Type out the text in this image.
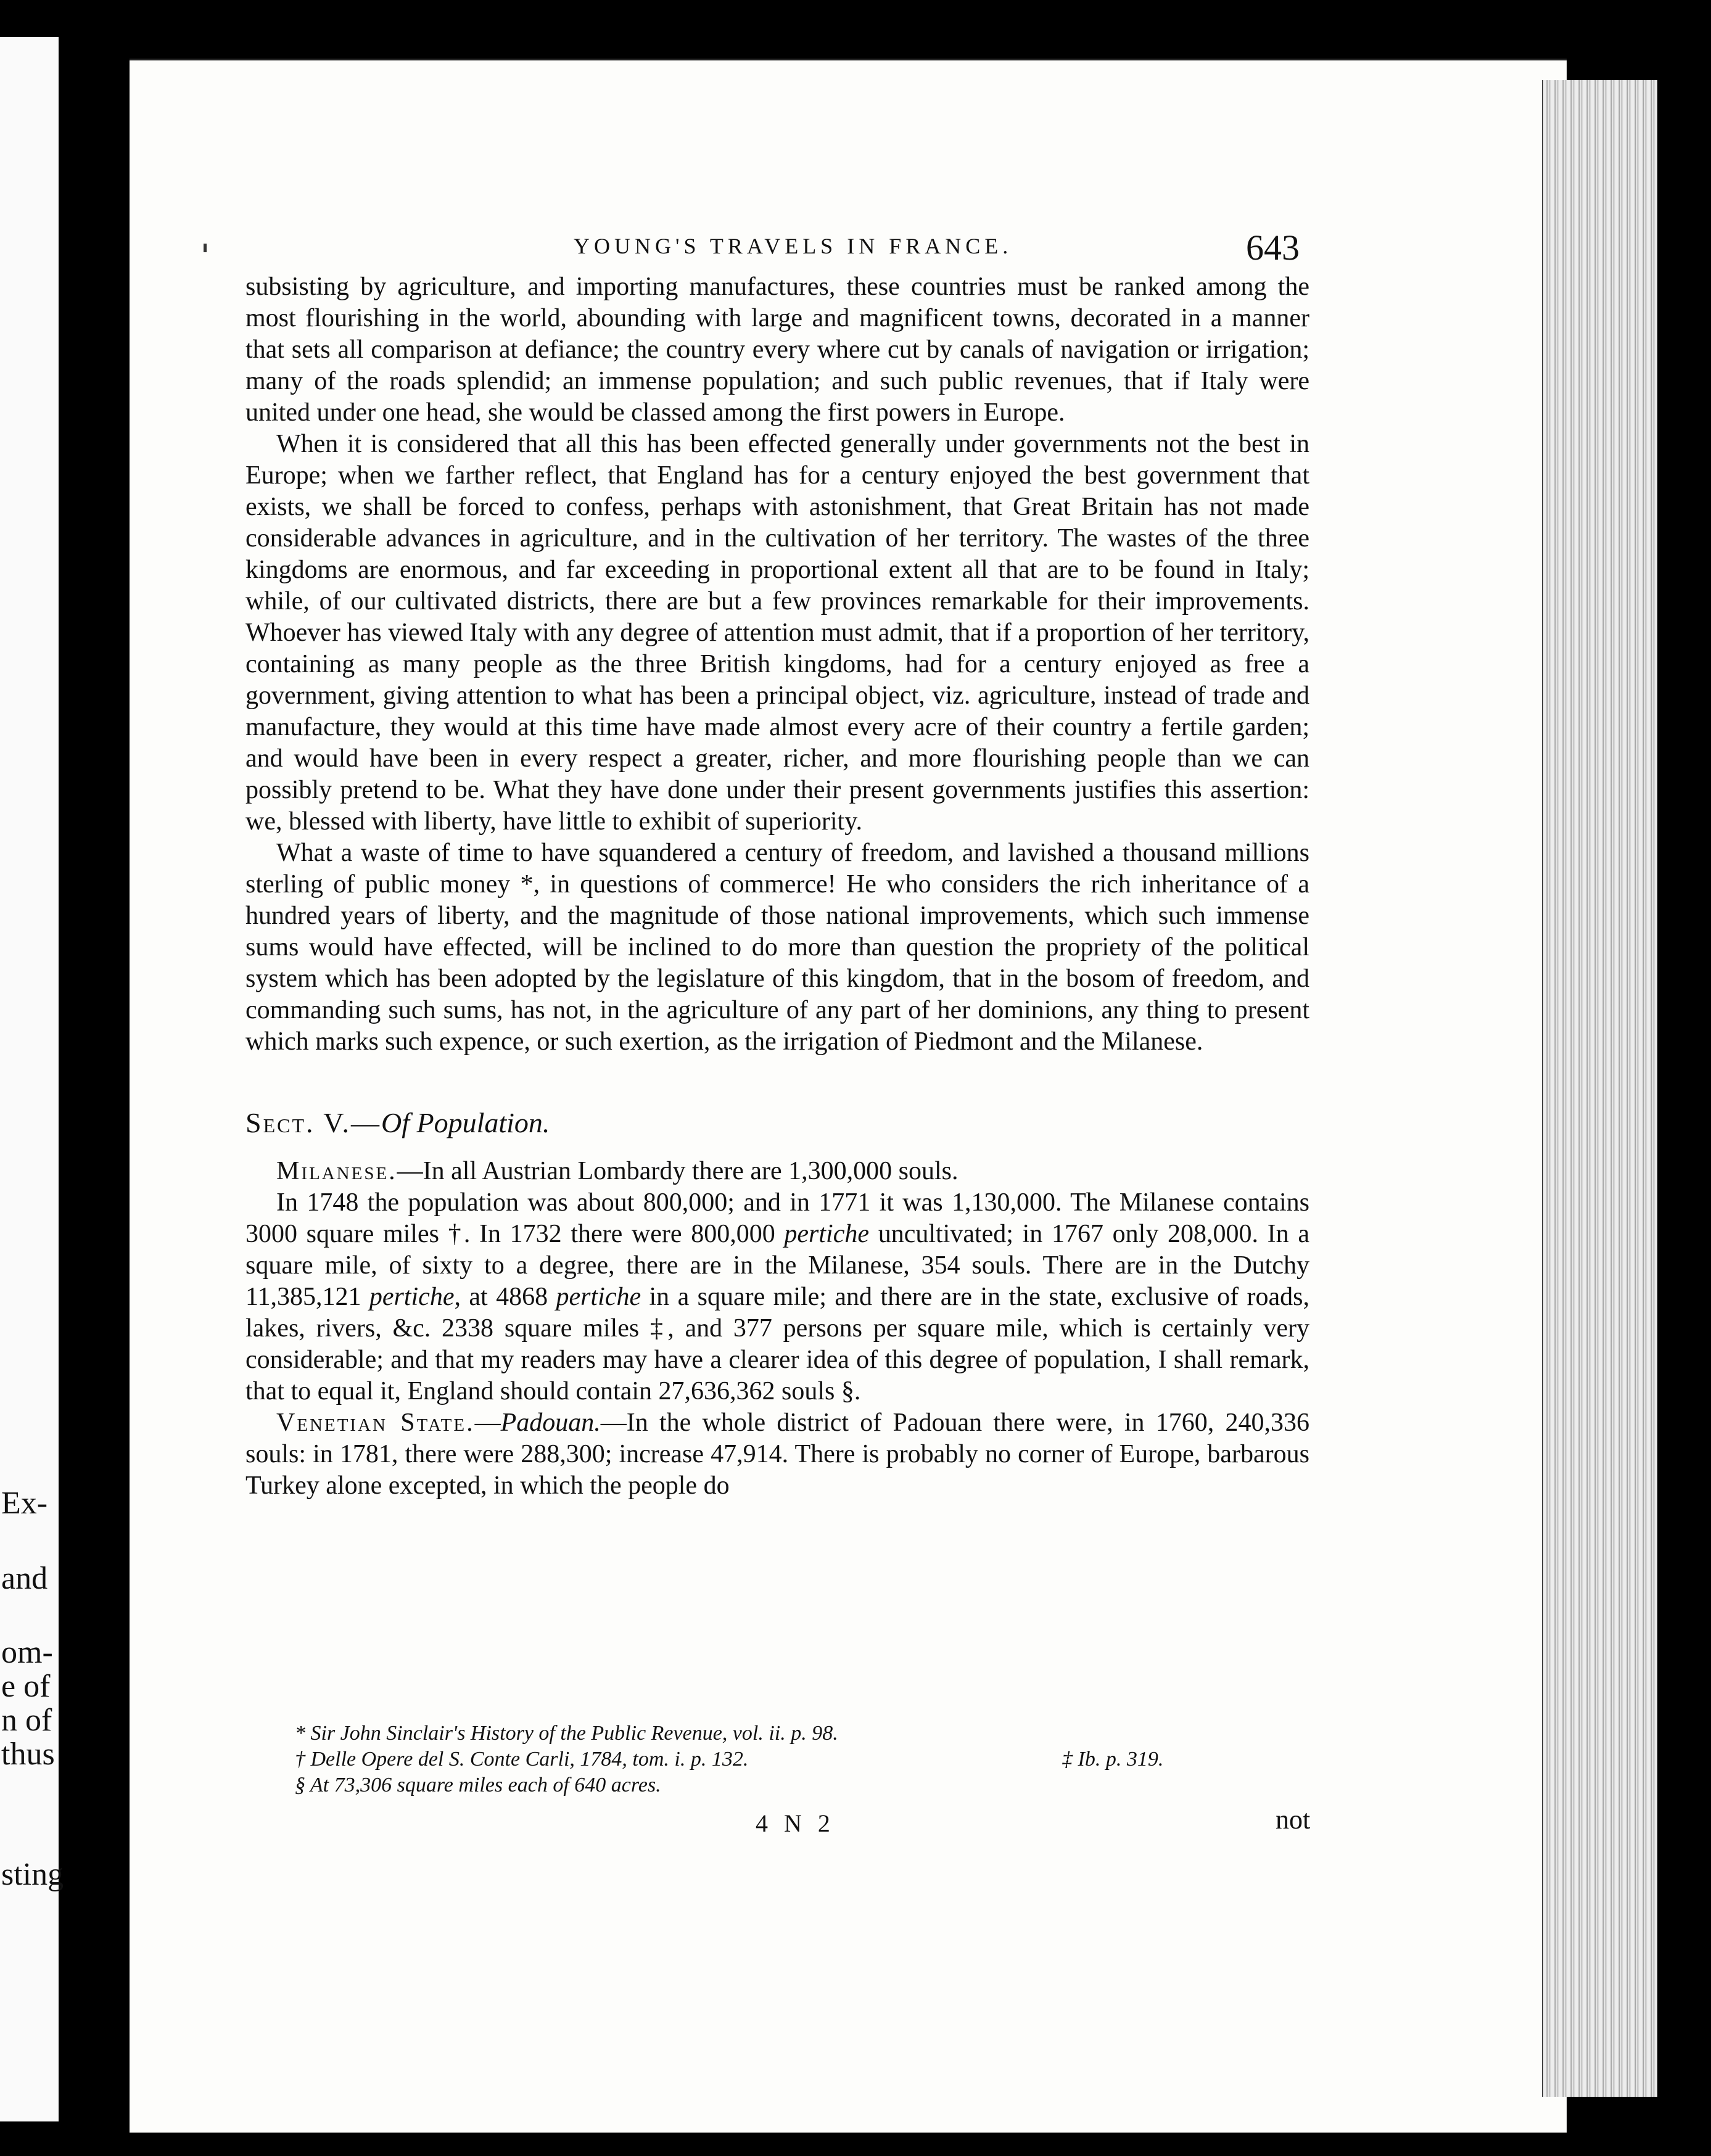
Ex-
and
om-
e of
n of
thus
sting
YOUNG'S TRAVELS IN FRANCE.	643

subsisting by agriculture, and importing manufactures, these countries must be ranked among the most flourishing in the world, abounding with large and magnificent towns, decorated in a manner that sets all comparison at defiance; the country every where cut by canals of navigation or irrigation; many of the roads splendid; an immense population; and such public revenues, that if Italy were united under one head, she would be classed among the first powers in Europe.

When it is considered that all this has been effected generally under governments not the best in Europe; when we farther reflect, that England has for a century enjoyed the best government that exists, we shall be forced to confess, perhaps with astonishment, that Great Britain has not made considerable advances in agriculture, and in the cultivation of her territory. The wastes of the three kingdoms are enormous, and far exceeding in proportional extent all that are to be found in Italy; while, of our cultivated districts, there are but a few provinces remarkable for their improvements. Whoever has viewed Italy with any degree of attention must admit, that if a proportion of her territory, containing as many people as the three British kingdoms, had for a century enjoyed as free a government, giving attention to what has been a principal object, viz. agriculture, instead of trade and manufacture, they would at this time have made almost every acre of their country a fertile garden; and would have been in every respect a greater, richer, and more flourishing people than we can possibly pretend to be. What they have done under their present governments justifies this assertion: we, blessed with liberty, have little to exhibit of superiority.

What a waste of time to have squandered a century of freedom, and lavished a thousand millions sterling of public money *, in questions of commerce! He who considers the rich inheritance of a hundred years of liberty, and the magnitude of those national improvements, which such immense sums would have effected, will be inclined to do more than question the propriety of the political system which has been adopted by the legislature of this kingdom, that in the bosom of freedom, and commanding such sums, has not, in the agriculture of any part of her dominions, any thing to present which marks such expence, or such exertion, as the irrigation of Piedmont and the Milanese.

Sect. V.—Of Population.

Milanese.—In all Austrian Lombardy there are 1,300,000 souls.

In 1748 the population was about 800,000; and in 1771 it was 1,130,000. The Milanese contains 3000 square miles †. In 1732 there were 800,000 pertiche uncultivated; in 1767 only 208,000. In a square mile, of sixty to a degree, there are in the Milanese, 354 souls. There are in the Dutchy 11,385,121 pertiche, at 4868 pertiche in a square mile; and there are in the state, exclusive of roads, lakes, rivers, &c. 2338 square miles ‡, and 377 persons per square mile, which is certainly very considerable; and that my readers may have a clearer idea of this degree of population, I shall remark, that to equal it, England should contain 27,636,362 souls §.

Venetian State.—Padouan.—In the whole district of Padouan there were, in 1760, 240,336 souls: in 1781, there were 288,300; increase 47,914. There is probably no corner of Europe, barbarous Turkey alone excepted, in which the people do

* Sir John Sinclair's History of the Public Revenue, vol. ii. p. 98.

† Delle Opere del S. Conte Carli, 1784, tom. i. p. 132.

§ At 73,306 square miles each of 640 acres.

‡ Ib. p. 319.
4 N 2	not
